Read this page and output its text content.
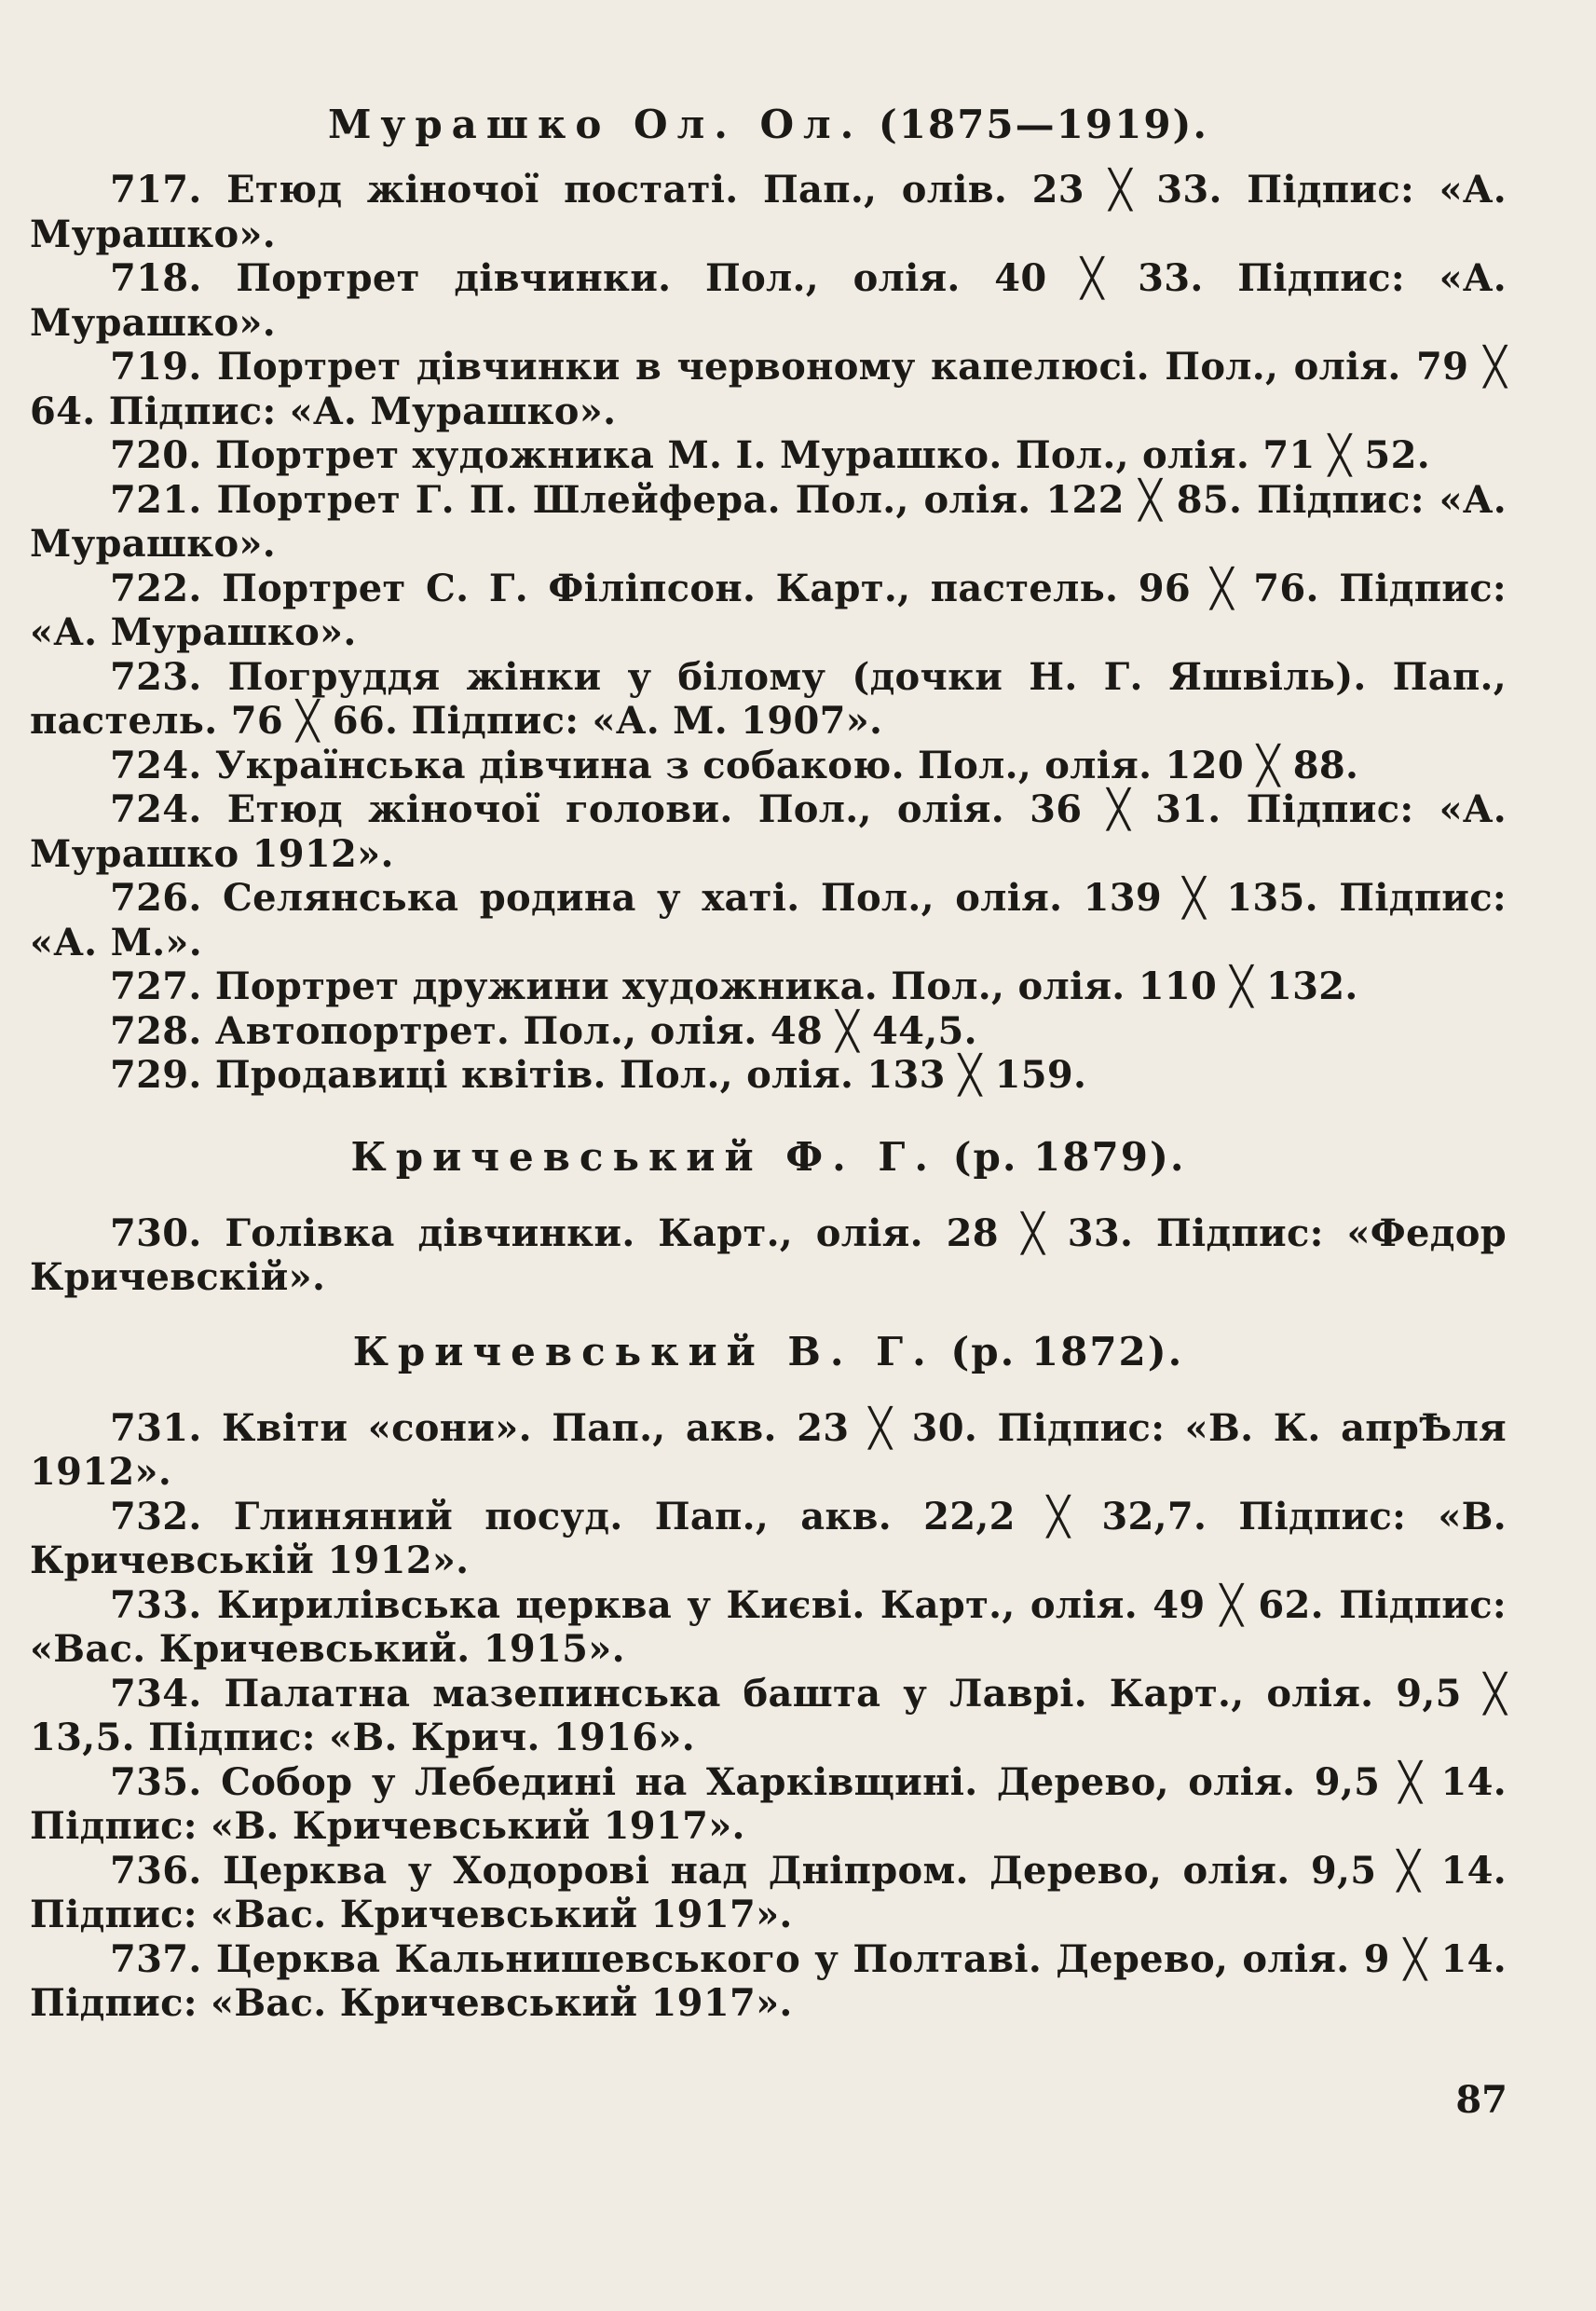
Мурашко Ол. Ол. (1875—1919).
717. Етюд жіночої постаті. Пап., олів. 23 ╳ 33. Підпис: «А. Мурашко».
718. Портрет дівчинки. Пол., олія. 40 ╳ 33. Підпис: «А. Мурашко».
719. Портрет дівчинки в червоному капелюсі. Пол., олія. 79 ╳ 64. Підпис: «А. Мурашко».
720. Портрет художника М. І. Мурашко. Пол., олія. 71 ╳ 52.
721. Портрет Г. П. Шлейфера. Пол., олія. 122 ╳ 85. Підпис: «А. Мурашко».
722. Портрет С. Г. Філіпсон. Карт., пастель. 96 ╳ 76. Підпис: «А. Мурашко».
723. Погруддя жінки у білому (дочки Н. Г. Яшвіль). Пап., пастель. 76 ╳ 66. Підпис: «А. М. 1907».
724. Українська дівчина з собакою. Пол., олія. 120 ╳ 88.
724. Етюд жіночої голови. Пол., олія. 36 ╳ 31. Підпис: «А. Мурашко 1912».
726. Селянська родина у хаті. Пол., олія. 139 ╳ 135. Підпис: «А. М.».
727. Портрет дружини художника. Пол., олія. 110 ╳ 132.
728. Автопортрет. Пол., олія. 48 ╳ 44,5.
729. Продавиці квітів. Пол., олія. 133 ╳ 159.
Кричевський Ф. Г. (р. 1879).
730. Голівка дівчинки. Карт., олія. 28 ╳ 33. Підпис: «Федор Кричевскій».
Кричевський В. Г. (р. 1872).
731. Квіти «сони». Пап., акв. 23 ╳ 30. Підпис: «В. К. апрѢля 1912».
732. Глиняний посуд. Пап., акв. 22,2 ╳ 32,7. Підпис: «В. Кричевській 1912».
733. Кирилівська церква у Києві. Карт., олія. 49 ╳ 62. Підпис: «Вас. Кричевський. 1915».
734. Палатна мазепинська башта у Лаврі. Карт., олія. 9,5 ╳ 13,5. Підпис: «В. Крич. 1916».
735. Собор у Лебедині на Харківщині. Дерево, олія. 9,5 ╳ 14. Підпис: «В. Кричевський 1917».
736. Церква у Ходорові над Дніпром. Дерево, олія. 9,5 ╳ 14. Підпис: «Вас. Кричевський 1917».
737. Церква Кальнишевського у Полтаві. Дерево, олія. 9 ╳ 14. Підпис: «Вас. Кричевський 1917».
87
